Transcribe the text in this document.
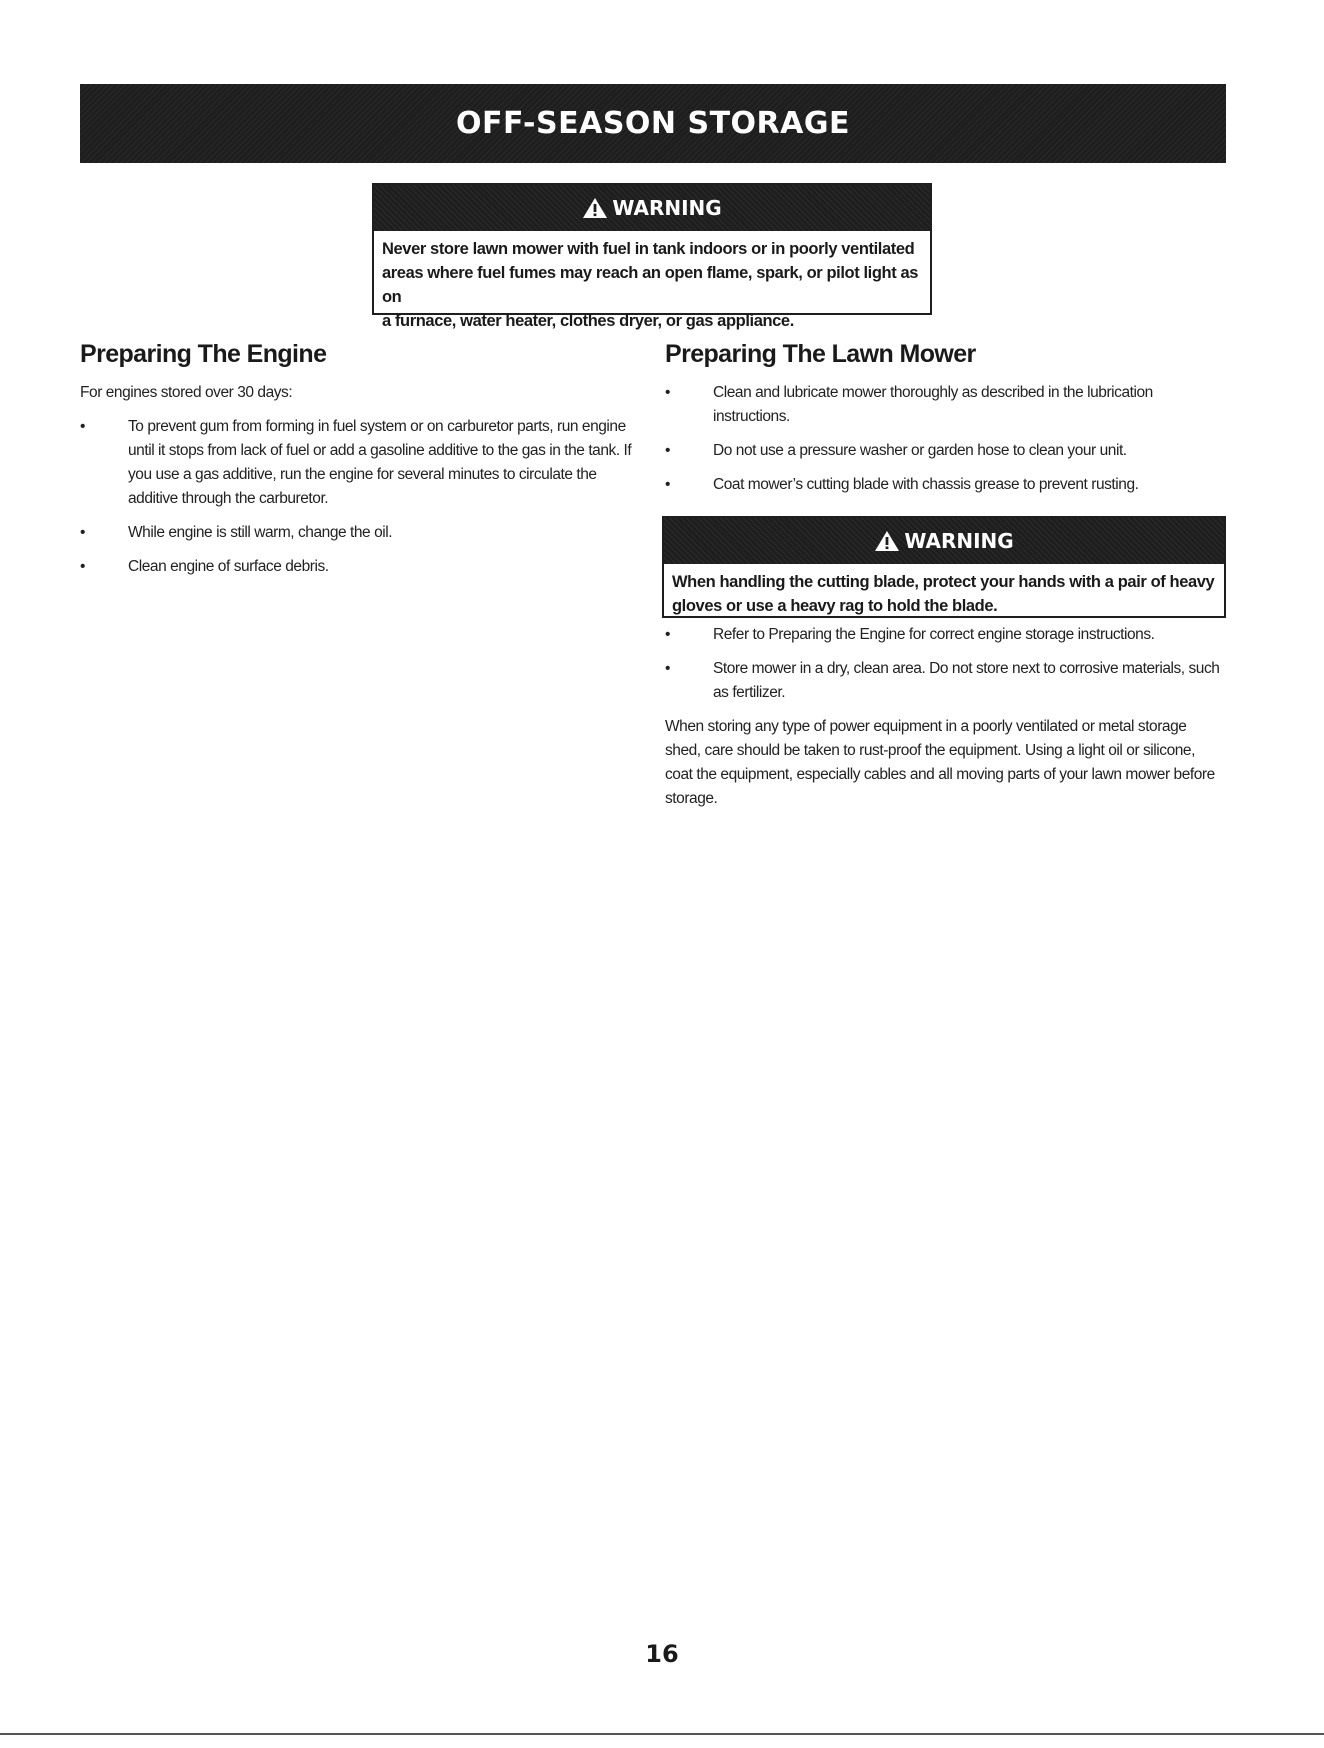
OFF-SEASON STORAGE
WARNING
Never store lawn mower with fuel in tank indoors or in poorly ventilated
areas where fuel fumes may reach an open flame, spark, or pilot light as on
a furnace, water heater, clothes dryer, or gas appliance.
Preparing The Engine
For engines stored over 30 days:
•	To prevent gum from forming in fuel system or on carburetor parts, run engine until it stops from lack of fuel or add a gasoline additive to the gas in the tank. If you use a gas additive, run the engine for several minutes to circulate the additive through the carburetor.
•	While engine is still warm, change the oil.
•	Clean engine of surface debris.
Preparing The Lawn Mower
•	Clean and lubricate mower thoroughly as described in the lubrication instructions.
•	Do not use a pressure washer or garden hose to clean your unit.
•	Coat mower’s cutting blade with chassis grease to prevent rusting.
WARNING
When handling the cutting blade, protect your hands with a pair of heavy
gloves or use a heavy rag to hold the blade.
•	Refer to Preparing the Engine for correct engine storage instructions.
•	Store mower in a dry, clean area. Do not store next to corrosive materials, such as fertilizer.
When storing any type of power equipment in a poorly ventilated or metal storage shed, care should be taken to rust-proof the equipment. Using a light oil or silicone, coat the equipment, especially cables and all moving parts of your lawn mower before storage.
16
